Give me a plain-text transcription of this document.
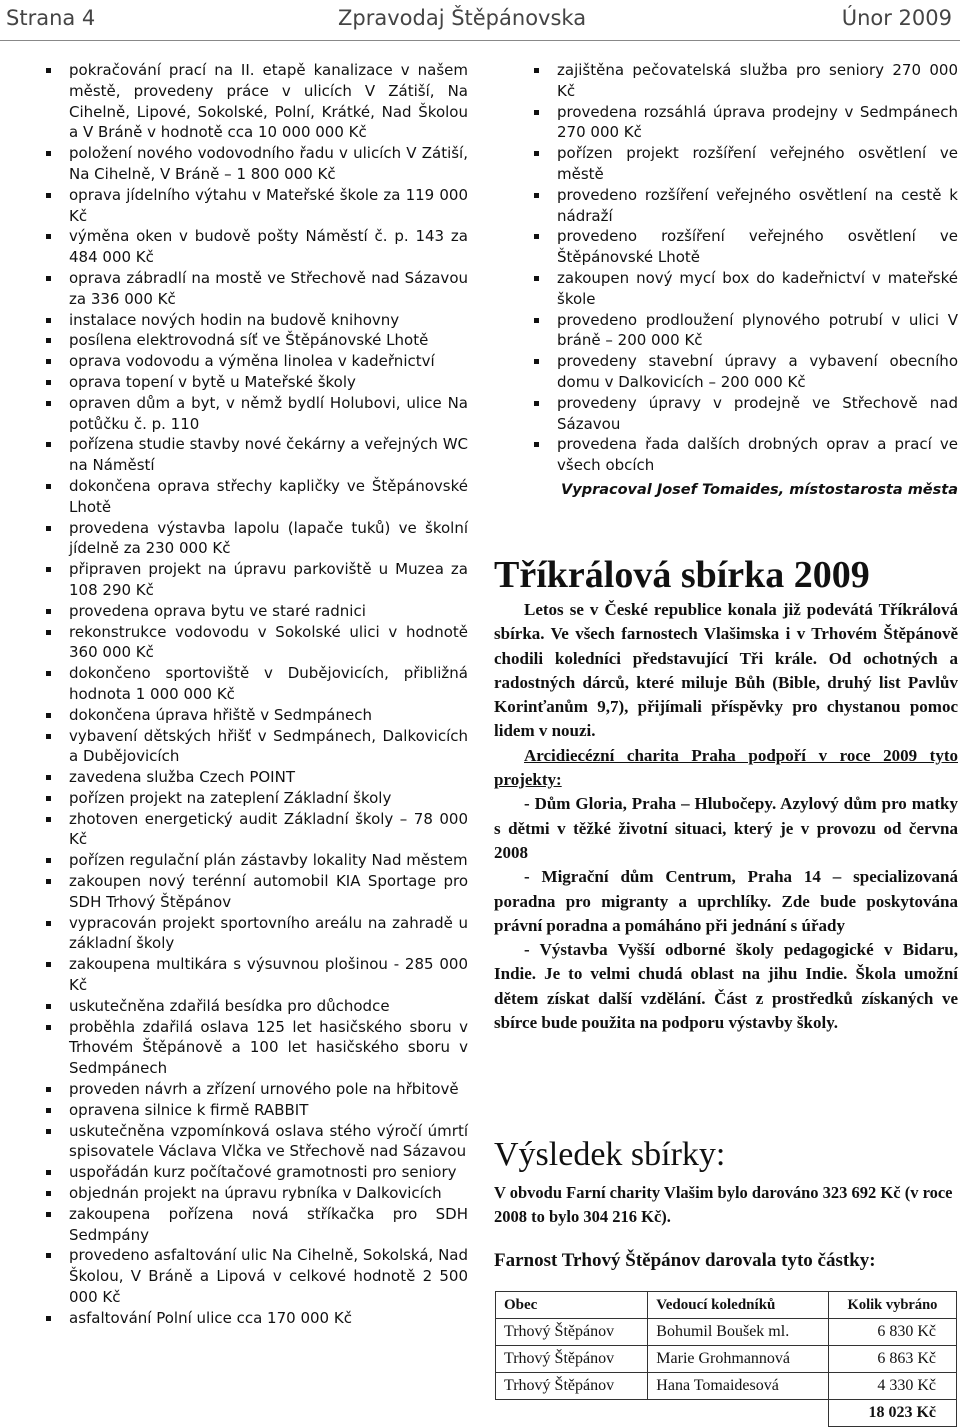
Strana 4	Zpravodaj Štěpánovska	Únor 2009
pokračování prací na II. etapě kanalizace v našem městě, provedeny práce v ulicích V Zátiší, Na Cihelně, Lipové, Sokolské, Polní, Krátké, Nad Školou a V Bráně v hodnotě cca 10 000 000 Kč
položení nového vodovodního řadu v ulicích V Zátiší, Na Cihelně, V Bráně – 1 800 000 Kč
oprava jídelního výtahu v Mateřské škole za 119 000 Kč
výměna oken v budově pošty Náměstí č. p. 143 za 484 000 Kč
oprava zábradlí na mostě ve Střechově nad Sázavou za 336 000 Kč
instalace nových hodin na budově knihovny
posílena elektrovodná síť ve Štěpánovské Lhotě
oprava vodovodu a výměna linolea v kadeřnictví
oprava topení v bytě u Mateřské školy
opraven dům a byt, v němž bydlí Holubovi, ulice Na potůčku č. p. 110
pořízena studie stavby nové čekárny a veřejných WC na Náměstí
dokončena oprava střechy kapličky ve Štěpánovské Lhotě
provedena výstavba lapolu (lapače tuků) ve školní jídelně za 230 000 Kč
připraven projekt na úpravu parkoviště u Muzea za 108 290 Kč
provedena oprava bytu ve staré radnici
rekonstrukce vodovodu v Sokolské ulici v hodnotě 360 000 Kč
dokončeno sportoviště v Dubějovicích, přibližná hodnota 1 000 000 Kč
dokončena úprava hřiště v Sedmpánech
vybavení dětských hřišť v Sedmpánech, Dalkovicích a Dubějovicích
zavedena služba Czech POINT
pořízen projekt na zateplení Základní školy
zhotoven energetický audit Základní školy – 78 000 Kč
pořízen regulační plán zástavby lokality Nad městem
zakoupen nový terénní automobil KIA Sportage pro SDH Trhový Štěpánov
vypracován projekt sportovního areálu na zahradě u základní školy
zakoupena multikára s výsuvnou plošinou - 285 000 Kč
uskutečněna zdařilá besídka pro důchodce
proběhla zdařilá oslava 125 let hasičského sboru v Trhovém Štěpánově a 100 let hasičského sboru v Sedmpánech
proveden návrh a zřízení urnového pole na hřbitově
opravena silnice k firmě RABBIT
uskutečněna vzpomínková oslava stého výročí úmrtí spisovatele Václava Vlčka ve Střechově nad Sázavou
uspořádán kurz počítačové gramotnosti pro seniory
objednán projekt na úpravu rybníka v Dalkovicích
zakoupena pořízena nová stříkačka pro SDH Sedmpány
provedeno asfaltování ulic Na Cihelně, Sokolská, Nad Školou, V Bráně a Lipová v celkové hodnotě 2 500 000 Kč
asfaltování Polní ulice cca 170 000 Kč
zajištěna pečovatelská služba pro seniory 270 000 Kč
provedena rozsáhlá úprava prodejny v Sedmpánech 270 000 Kč
pořízen projekt rozšíření veřejného osvětlení ve městě
provedeno rozšíření veřejného osvětlení na cestě k nádraží
provedeno rozšíření veřejného osvětlení ve Štěpánovské Lhotě
zakoupen nový mycí box do kadeřnictví v mateřské škole
provedeno prodloužení plynového potrubí v ulici V bráně – 200 000 Kč
provedeny stavební úpravy a vybavení obecního domu v Dalkovicích – 200 000 Kč
provedeny úpravy v prodejně ve Střechově nad Sázavou
provedena řada dalších drobných oprav a prací ve všech obcích
Vypracoval Josef Tomaides, místostarosta města
Tříkrálová sbírka 2009

Letos se v České republice konala již podevátá Tříkrálová sbírka. Ve všech farnostech Vlašimska i v Trhovém Štěpánově chodili koledníci představující Tři krále. Od ochotných a radostných dárců, které miluje Bůh (Bible, druhý list Pavlův Korinťanům 9,7), přijímali příspěvky pro chystanou pomoc lidem v nouzi.

Arcidiecézní charita Praha podpoří v roce 2009 tyto projekty:

- Dům Gloria, Praha – Hlubočepy. Azylový dům pro matky s dětmi v těžké životní situaci, který je v provozu od června 2008

- Migrační dům Centrum, Praha 14 – specializovaná poradna pro migranty a uprchlíky. Zde bude poskytována právní poradna a pomáháno při jednání s úřady

- Výstavba Vyšší odborné školy pedagogické v Bidaru, Indie. Je to velmi chudá oblast na jihu Indie. Škola umožní dětem získat další vzdělání. Část z prostředků získaných ve sbírce bude použita na podporu výstavby školy.

Výsledek sbírky:
V obvodu Farní charity Vlašim bylo darováno 323 692 Kč (v roce 2008 to bylo 304 216 Kč).
Farnost Trhový Štěpánov darovala tyto částky:
Obec	Vedoucí koledníků	Kolik vybráno
Trhový Štěpánov	Bohumil Boušek ml.	6 830 Kč
Trhový Štěpánov	Marie Grohmannová	6 863 Kč
Trhový Štěpánov	Hana Tomaidesová	4 330 Kč
		18 023 Kč
